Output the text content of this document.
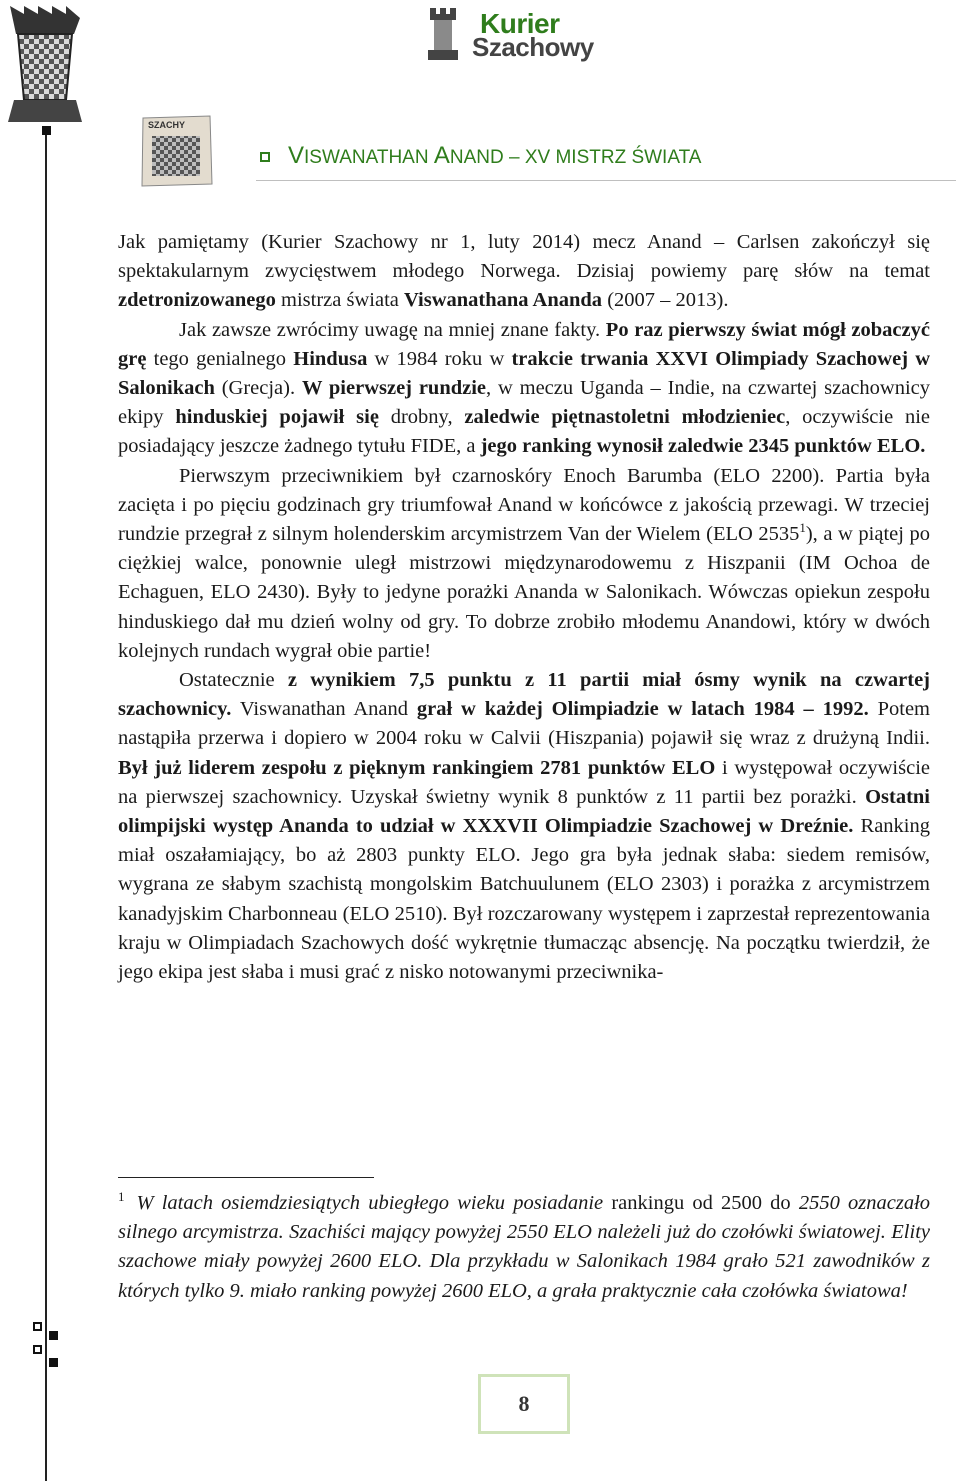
Kurier
Szachowy
SZACHY
VISWANATHAN ANAND – XV MISTRZ ŚWIATA

Jak pamiętamy (Kurier Szachowy nr 1, luty 2014) mecz Anand – Carlsen zakończył się spektakularnym zwycięstwem młodego Norwega. Dzisiaj powiemy parę słów na temat zdetronizowanego mistrza świata Viswanathana Ananda (2007 – 2013).

Jak zawsze zwrócimy uwagę na mniej znane fakty. Po raz pierwszy świat mógł zobaczyć grę tego genialnego Hindusa w 1984 roku w trakcie trwania XXVI Olimpiady Szachowej w Salonikach (Grecja). W pierwszej rundzie, w meczu Uganda – Indie, na czwartej szachownicy ekipy hinduskiej pojawił się drobny, zaledwie piętnastoletni młodzieniec, oczywiście nie posiadający jeszcze żadnego tytułu FIDE, a jego ranking wynosił zaledwie 2345 punktów ELO.

Pierwszym przeciwnikiem był czarnoskóry Enoch Barumba (ELO 2200). Partia była zacięta i po pięciu godzinach gry triumfował Anand w końcówce z jakością przewagi. W trzeciej rundzie przegrał z silnym holenderskim arcymistrzem Van der Wielem (ELO 2535$^1$), a w piątej po ciężkiej walce, ponownie uległ mistrzowi międzynarodowemu z Hiszpanii (IM Ochoa de Echaguen, ELO 2430). Były to jedyne porażki Ananda w Salonikach. Wówczas opiekun zespołu hinduskiego dał mu dzień wolny od gry. To dobrze zrobiło młodemu Anandowi, który w dwóch kolejnych rundach wygrał obie partie!

Ostatecznie z wynikiem 7,5 punktu z 11 partii miał ósmy wynik na czwartej szachownicy. Viswanathan Anand grał w każdej Olimpiadzie w latach 1984 – 1992. Potem nastąpiła przerwa i dopiero w 2004 roku w Calvii (Hiszpania) pojawił się wraz z drużyną Indii. Był już liderem zespołu z pięknym rankingiem 2781 punktów ELO i występował oczywiście na pierwszej szachownicy. Uzyskał świetny wynik 8 punktów z 11 partii bez porażki. Ostatni olimpijski występ Ananda to udział w XXXVII Olimpiadzie Szachowej w Dreźnie. Ranking miał oszałamiający, bo aż 2803 punkty ELO. Jego gra była jednak słaba: siedem remisów, wygrana ze słabym szachistą mongolskim Batchuulunem (ELO 2303) i porażka z arcymistrzem kanadyjskim Charbonneau (ELO 2510). Był rozczarowany występem i zaprzestał reprezentowania kraju w Olimpiadach Szachowych dość wykrętnie tłumacząc absencję. Na początku twierdził, że jego ekipa jest słaba i musi grać z nisko notowanymi przeciwnika-

$^1$ W latach osiemdziesiątych ubiegłego wieku posiadanie rankingu od 2500 do 2550 oznaczało silnego arcymistrza. Szachiści mający powyżej 2550 ELO należeli już do czołówki światowej. Elity szachowe miały powyżej 2600 ELO. Dla przykładu w Salonikach 1984 grało 521 zawodników z których tylko 9. miało ranking powyżej 2600 ELO, a grała praktycznie cała czołówka światowa!

8
